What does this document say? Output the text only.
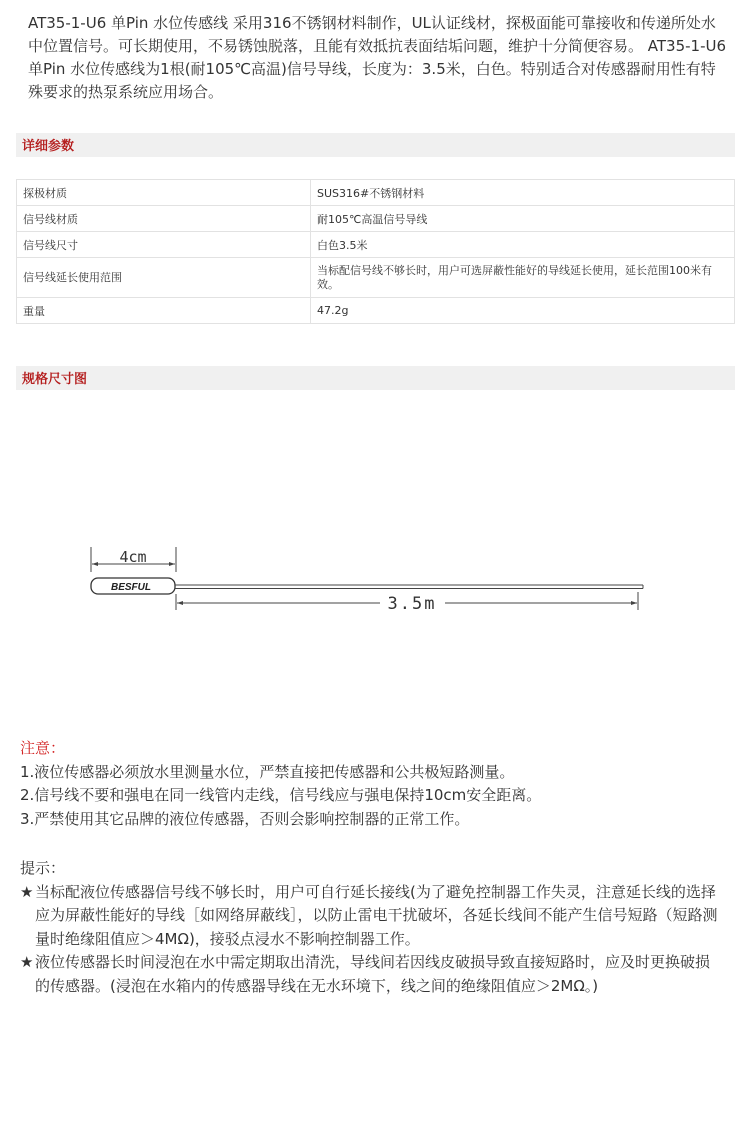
AT35-1-U6 单Pin 水位传感线 采用316不锈钢材料制作，UL认证线材，探极面能可靠接收和传递所处水中位置信号。可长期使用，不易锈蚀脱落，且能有效抵抗表面结垢问题，维护十分简便容易。 AT35-1-U6 单Pin 水位传感线为1根(耐105℃高温)信号导线，长度为：3.5米，白色。特别适合对传感器耐用性有特殊要求的热泵系统应用场合。
详细参数
探极材质	SUS316#不锈钢材料
信号线材质	耐105℃高温信号导线
信号线尺寸	白色3.5米
信号线延长使用范围	当标配信号线不够长时，用户可选屏蔽性能好的导线延长使用，延长范围100米有效。
重量	47.2g
规格尺寸图
4cm
BESFUL
3.5m
注意：
1.液位传感器必须放水里测量水位，严禁直接把传感器和公共极短路测量。
2.信号线不要和强电在同一线管内走线，信号线应与强电保持10cm安全距离。
3.严禁使用其它品牌的液位传感器，否则会影响控制器的正常工作。
提示：
★ 当标配液位传感器信号线不够长时，用户可自行延长接线(为了避免控制器工作失灵，注意延长线的选择应为屏蔽性能好的导线［如网络屏蔽线］，以防止雷电干扰破坏，各延长线间不能产生信号短路（短路测量时绝缘阻值应＞4MΩ)，接驳点浸水不影响控制器工作。
★ 液位传感器长时间浸泡在水中需定期取出清洗，导线间若因线皮破损导致直接短路时，应及时更换破损的传感器。(浸泡在水箱内的传感器导线在无水环境下，线之间的绝缘阻值应＞2MΩ。)
